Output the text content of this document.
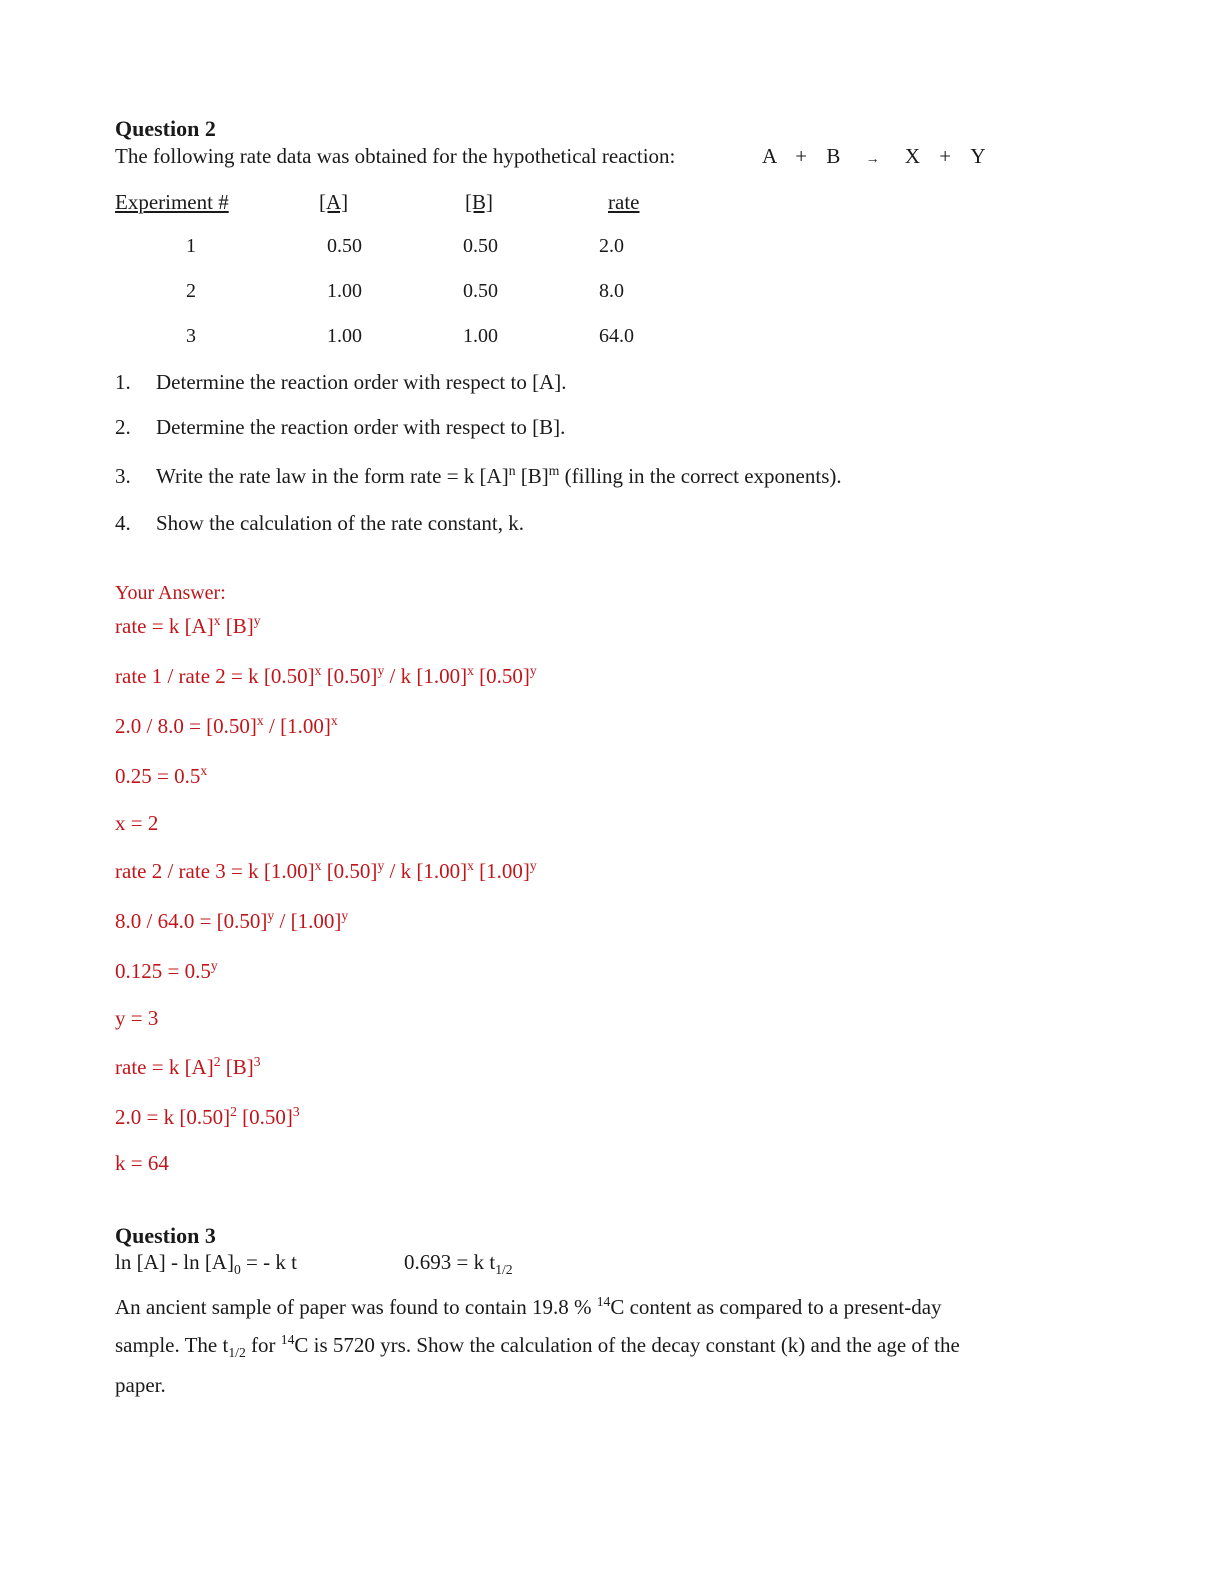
Question 2
The following rate data was obtained for the hypothetical reaction:	A + B → X + Y
Experiment #	[A]	[B]	rate
1	0.50	0.50	2.0
2	1.00	0.50	8.0
3	1.00	1.00	64.0
1. Determine the reaction order with respect to [A].
2. Determine the reaction order with respect to [B].
3. Write the rate law in the form rate = k $[A]^n$ $[B]^m$ (filling in the correct exponents).
4. Show the calculation of the rate constant, k.
Your Answer:
rate = k $[A]^x$ $[B]^y$
rate 1 / rate 2 = k $[0.50]^x$ $[0.50]^y$ / k $[1.00]^x$ $[0.50]^y$
$2.0 / 8.0 = [0.50]^x / [1.00]^x$
$0.25 = 0.5^x$
x = 2
rate 2 / rate 3 = k $[1.00]^x$ $[0.50]^y$ / k $[1.00]^x$ $[1.00]^y$
$8.0 / 64.0 = [0.50]^y / [1.00]^y$
$0.125 = 0.5^y$
y = 3
rate = k $[A]^2$ $[B]^3$
2.0 = k $[0.50]^2$ $[0.50]^3$
k = 64
Question 3
$\ln [A] - \ln [A]_0$ = - k t	0.693 = k $t_{1/2}$
An ancient sample of paper was found to contain 19.8 % $^{14}$C content as compared to a present-day
sample. The $t_{1/2}$ for $^{14}$C is 5720 yrs. Show the calculation of the decay constant (k) and the age of the
paper.
